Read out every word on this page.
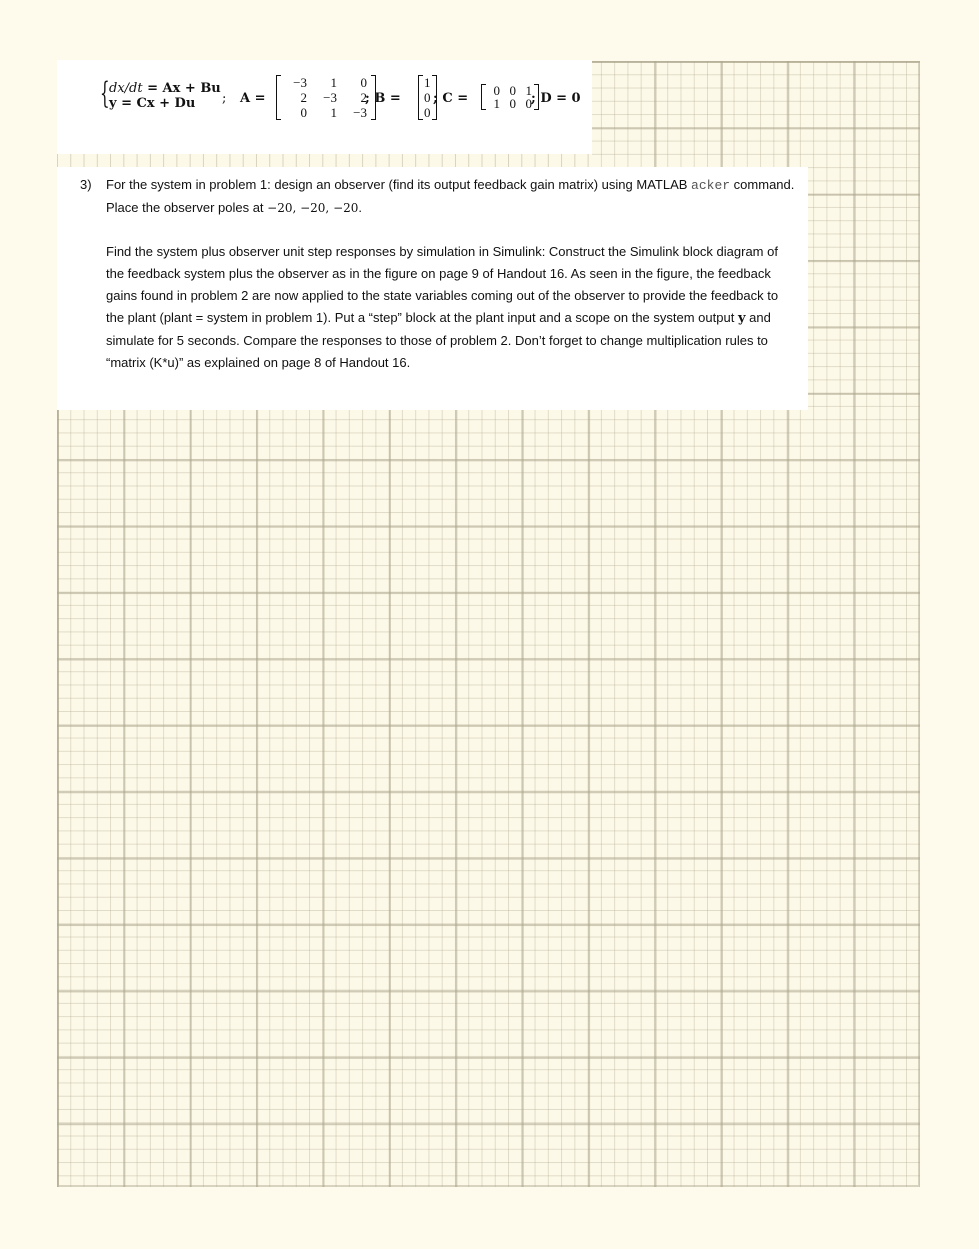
{ dx/dt = Ax + Bu
y = Cx + Du	; A =
−3	1	0
2	−3	2
0	1	−3
; B =
1
0
0
; C =
0	0	1
1	0	0 ; D = 0
3) For the system in problem 1: design an observer (find its output feedback gain matrix) using MATLAB acker command. Place the observer poles at −20, −20, −20.
Find the system plus observer unit step responses by simulation in Simulink: Construct the Simulink block diagram of the feedback system plus the observer as in the figure on page 9 of Handout 16. As seen in the figure, the feedback gains found in problem 2 are now applied to the state variables coming out of the observer to provide the feedback to the plant (plant = system in problem 1). Put a “step” block at the plant input and a scope on the system output y and simulate for 5 seconds. Compare the responses to those of problem 2. Don’t forget to change multiplication rules to “matrix (K*u)” as explained on page 8 of Handout 16.
